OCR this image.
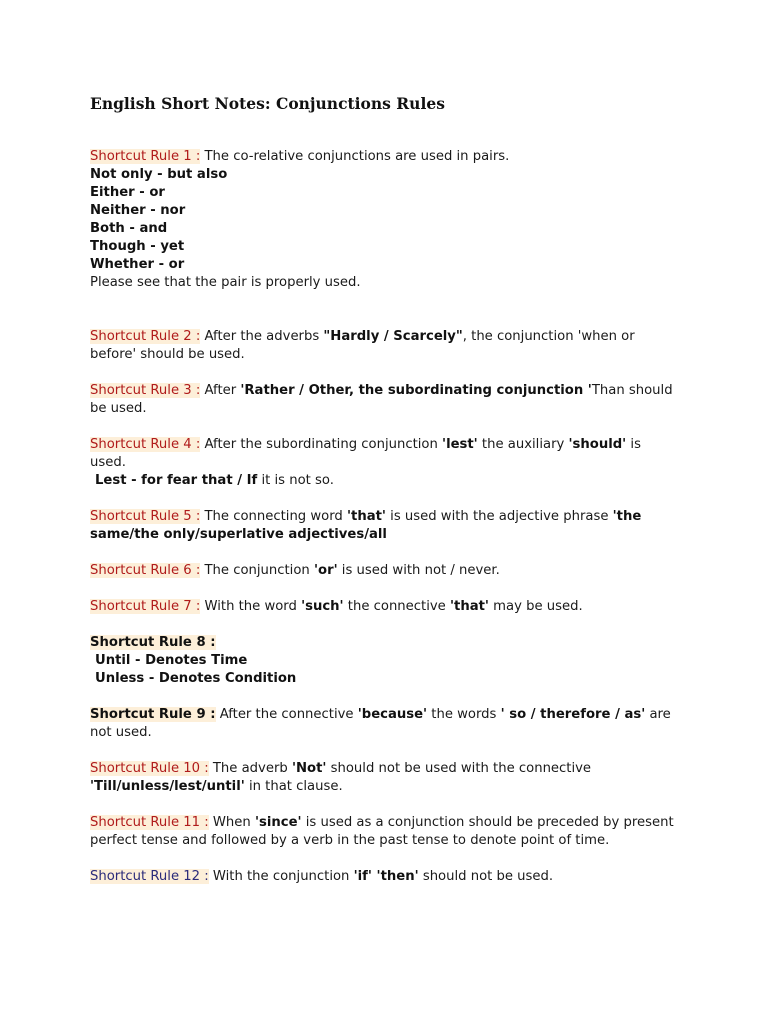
English Short Notes: Conjunctions Rules
Shortcut Rule 1 : The co-relative conjunctions are used in pairs.
Not only - but also
Either - or
Neither - nor
Both - and
Though - yet
Whether - or
Please see that the pair is properly used.
Shortcut Rule 2 : After the adverbs "Hardly / Scarcely", the conjunction 'when or before' should be used.
Shortcut Rule 3 : After 'Rather / Other, the subordinating conjunction 'Than should be used.
Shortcut Rule 4 : After the subordinating conjunction 'lest' the auxiliary 'should' is used.
Lest - for fear that / If it is not so.
Shortcut Rule 5 : The connecting word 'that' is used with the adjective phrase 'the same/the only/superlative adjectives/all
Shortcut Rule 6 : The conjunction 'or' is used with not / never.
Shortcut Rule 7 : With the word 'such' the connective 'that' may be used.
Shortcut Rule 8 :
Until - Denotes Time
Unless - Denotes Condition
Shortcut Rule 9 : After the connective 'because' the words ' so / therefore / as' are not used.
Shortcut Rule 10 : The adverb 'Not' should not be used with the connective 'Till/unless/lest/until' in that clause.
Shortcut Rule 11 : When 'since' is used as a conjunction should be preceded by present perfect tense and followed by a verb in the past tense to denote point of time.
Shortcut Rule 12 : With the conjunction 'if' 'then' should not be used.
